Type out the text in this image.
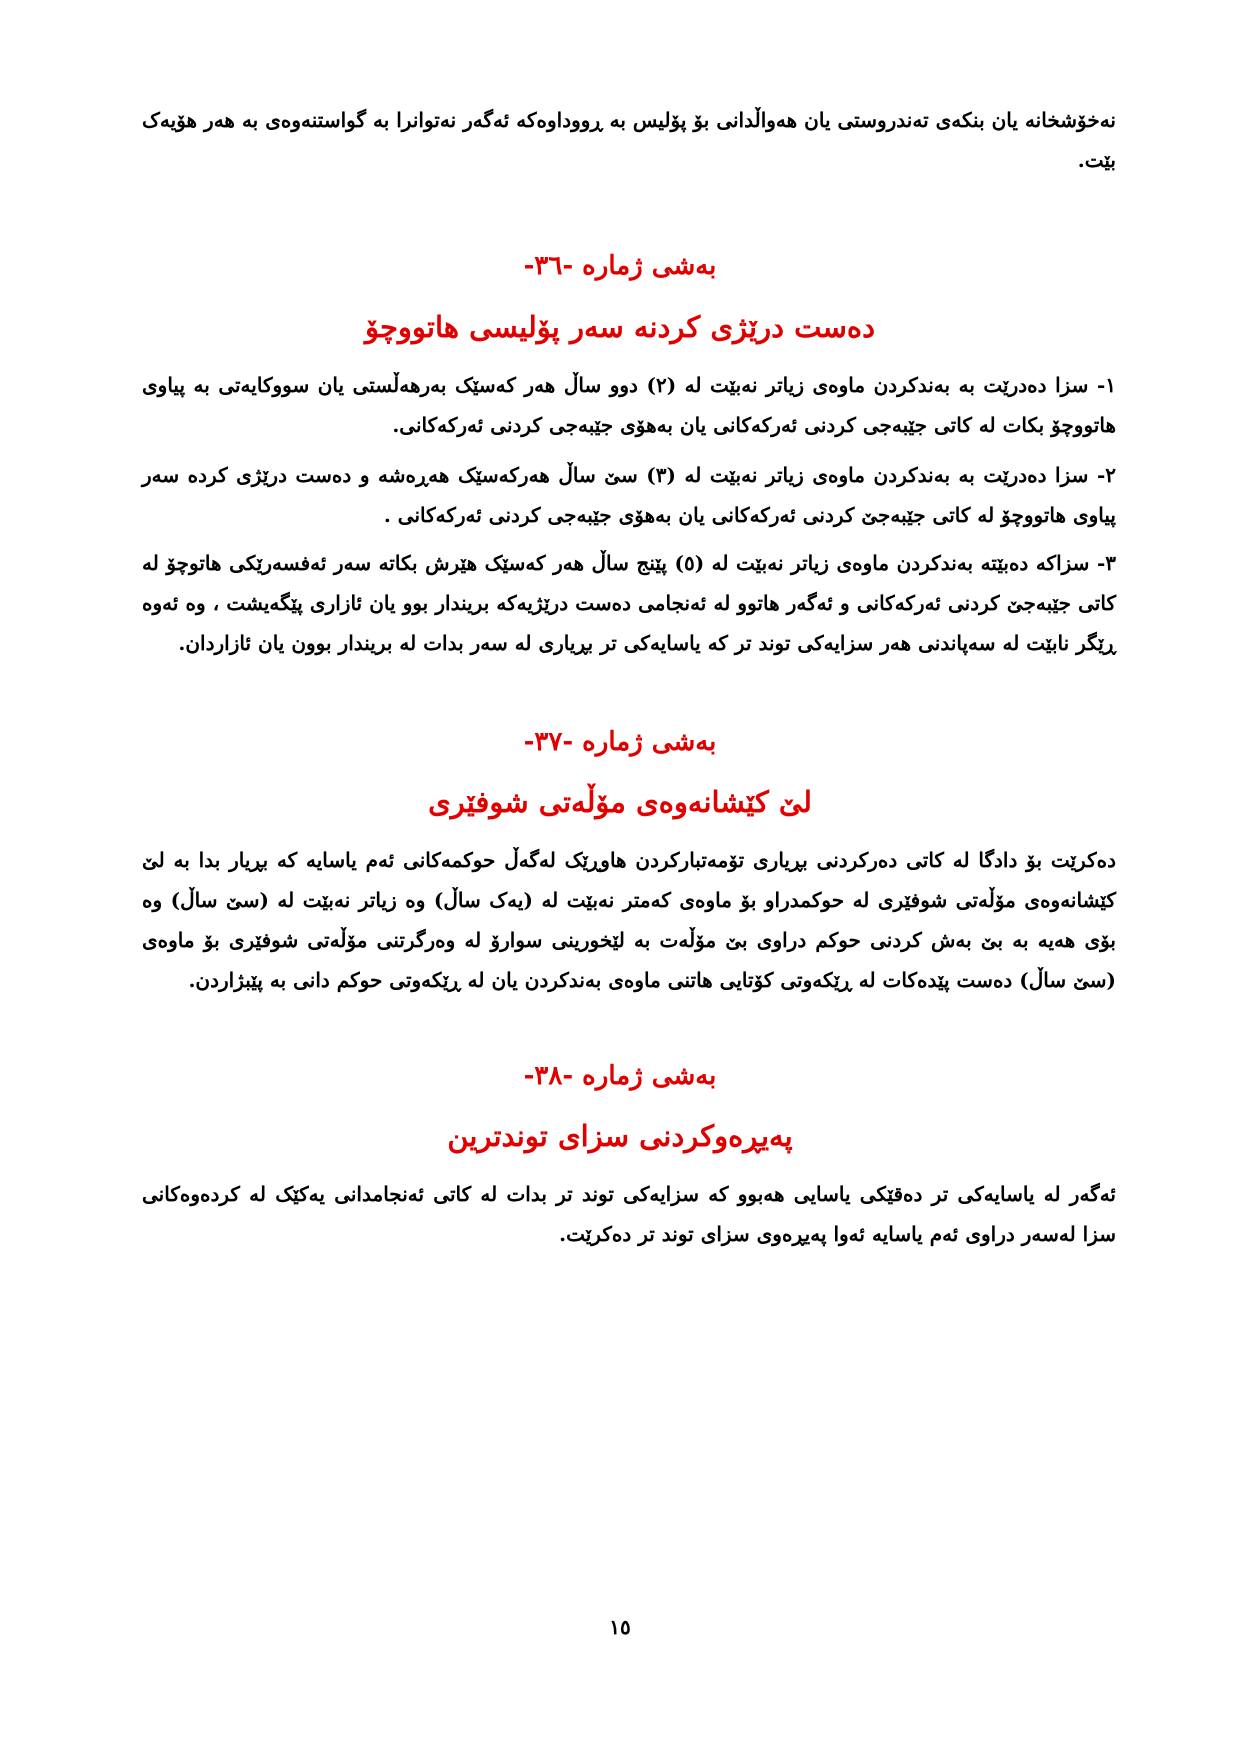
نەخۆشخانە یان بنکەی تەندروستی یان هەواڵدانی بۆ پۆلیس بە ڕووداوەکە ئەگەر نەتوانرا بە گواستنەوەی بە هەر هۆیەک بێت.

بەشی ژمارە -٣٦-
دەست درێژی کردنە سەر پۆلیسی هاتووچۆ

١- سزا دەدرێت بە بەندکردن ماوەی زیاتر نەبێت لە (٢) دوو ساڵ هەر کەسێک بەرهەڵستی یان سووکایەتی بە پیاوی هاتووچۆ بکات لە کاتی جێبەجی کردنی ئەرکەکانی یان بەهۆی جێبەجی کردنی ئەرکەکانی.

٢- سزا دەدرێت بە بەندکردن ماوەی زیاتر نەبێت لە (٣) سێ ساڵ هەرکەسێک هەڕەشە و دەست درێژی کردە سەر پیاوی هاتووچۆ لە کاتی جێبەجێ کردنی ئەرکەکانی یان بەهۆی جێبەجی کردنی ئەرکەکانی .

٣- سزاکە دەبێتە بەندکردن ماوەی زیاتر نەبێت لە (٥) پێنج ساڵ هەر کەسێک هێرش بکاتە سەر ئەفسەرێکی هاتوچۆ لە کاتی جێبەجێ کردنی ئەرکەکانی و ئەگەر هاتوو لە ئەنجامی دەست درێژیەکە بریندار بوو یان ئازاری پێگەیشت ، وە ئەوە ڕێگر نابێت لە سەپاندنی هەر سزایەکی توند تر کە یاسایەکی تر بڕیاری لە سەر بدات لە بریندار بوون یان ئازاردان.

بەشی ژمارە -٣٧-
لێ کێشانەوەی مۆڵەتی شوفێری

دەکرێت بۆ دادگا لە کاتی دەرکردنی بڕیاری تۆمەتبارکردن هاوڕێک لەگەڵ حوکمەکانی ئەم یاسایە کە بڕیار بدا بە لێ کێشانەوەی مۆڵەتی شوفێری لە حوکمدراو بۆ ماوەی کەمتر نەبێت لە (یەک ساڵ) وە زیاتر نەبێت لە (سێ ساڵ) وە بۆی هەیە بە بێ بەش کردنی حوکم دراوی بێ مۆڵەت بە لێخورینی سوارۆ لە وەرگرتنی مۆڵەتی شوفێری بۆ ماوەی (سێ ساڵ) دەست پێدەکات لە ڕێکەوتی کۆتایی هاتنی ماوەی بەندکردن یان لە ڕێکەوتی حوکم دانی بە پێبژاردن.

بەشی ژمارە -٣٨-
پەیڕەوکردنی سزای توندترین

ئەگەر لە یاسایەکی تر دەقێکی یاسایی هەبوو کە سزایەکی توند تر بدات لە کاتی ئەنجامدانی یەکێک لە کردەوەکانی سزا لەسەر دراوی ئەم یاسایە ئەوا پەیڕەوی سزای توند تر دەکرێت.

١٥
